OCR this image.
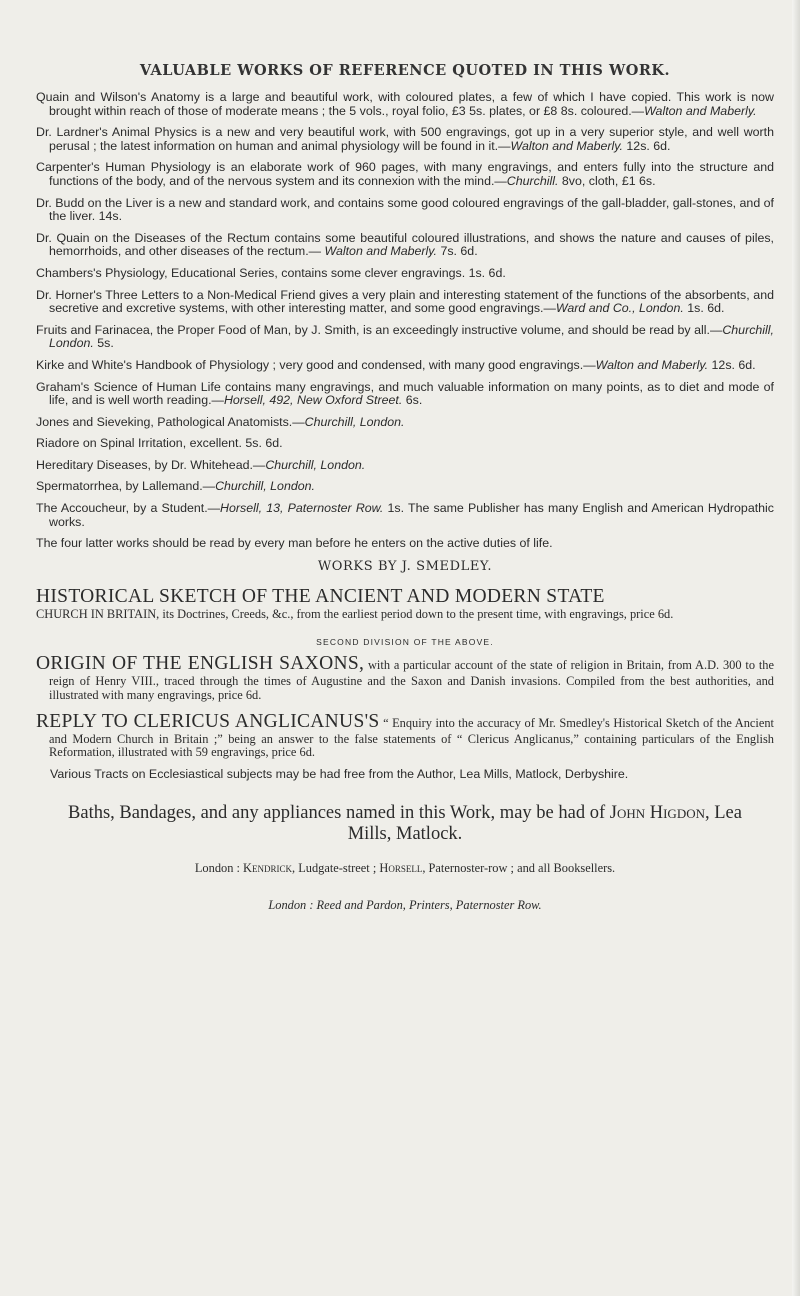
VALUABLE WORKS OF REFERENCE QUOTED IN THIS WORK.

Quain and Wilson's Anatomy is a large and beautiful work, with coloured plates, a few of which I have copied. This work is now brought within reach of those of moderate means ; the 5 vols., royal folio, £3 5s. plates, or £8 8s. coloured.—Walton and Maberly.

Dr. Lardner's Animal Physics is a new and very beautiful work, with 500 engravings, got up in a very superior style, and well worth perusal ; the latest information on human and animal physiology will be found in it.—Walton and Maberly. 12s. 6d.

Carpenter's Human Physiology is an elaborate work of 960 pages, with many engravings, and enters fully into the structure and functions of the body, and of the nervous system and its connexion with the mind.—Churchill. 8vo, cloth, £1 6s.

Dr. Budd on the Liver is a new and standard work, and contains some good coloured engravings of the gall-bladder, gall-stones, and of the liver. 14s.

Dr. Quain on the Diseases of the Rectum contains some beautiful coloured illustrations, and shows the nature and causes of piles, hemorrhoids, and other diseases of the rectum.— Walton and Maberly. 7s. 6d.

Chambers's Physiology, Educational Series, contains some clever engravings. 1s. 6d.

Dr. Horner's Three Letters to a Non-Medical Friend gives a very plain and interesting statement of the functions of the absorbents, and secretive and excretive systems, with other interesting matter, and some good engravings.—Ward and Co., London. 1s. 6d.

Fruits and Farinacea, the Proper Food of Man, by J. Smith, is an exceedingly instructive volume, and should be read by all.—Churchill, London. 5s.

Kirke and White's Handbook of Physiology ; very good and condensed, with many good engravings.—Walton and Maberly. 12s. 6d.

Graham's Science of Human Life contains many engravings, and much valuable information on many points, as to diet and mode of life, and is well worth reading.—Horsell, 492, New Oxford Street. 6s.

Jones and Sieveking, Pathological Anatomists.—Churchill, London.

Riadore on Spinal Irritation, excellent. 5s. 6d.

Hereditary Diseases, by Dr. Whitehead.—Churchill, London.

Spermatorrhea, by Lallemand.—Churchill, London.

The Accoucheur, by a Student.—Horsell, 13, Paternoster Row. 1s. The same Publisher has many English and American Hydropathic works.

The four latter works should be read by every man before he enters on the active duties of life.

WORKS BY J. SMEDLEY.

HISTORICAL SKETCH OF THE ANCIENT AND MODERN STATE
CHURCH IN BRITAIN, its Doctrines, Creeds, &c., from the earliest period down to the present time, with engravings, price 6d.

SECOND DIVISION OF THE ABOVE.

ORIGIN OF THE ENGLISH SAXONS, with a particular account of the state of religion in Britain, from A.D. 300 to the reign of Henry VIII., traced through the times of Augustine and the Saxon and Danish invasions. Compiled from the best authorities, and illustrated with many engravings, price 6d.

REPLY TO CLERICUS ANGLICANUS'S “ Enquiry into the accuracy of Mr. Smedley's Historical Sketch of the Ancient and Modern Church in Britain ;” being an answer to the false statements of “ Clericus Anglicanus,” containing particulars of the English Reformation, illustrated with 59 engravings, price 6d.

Various Tracts on Ecclesiastical subjects may be had free from the Author, Lea Mills, Matlock, Derbyshire.

Baths, Bandages, and any appliances named in this Work, may be had of John Higdon, Lea Mills, Matlock.

London : Kendrick, Ludgate-street ; Horsell, Paternoster-row ; and all Booksellers.

London : Reed and Pardon, Printers, Paternoster Row.
